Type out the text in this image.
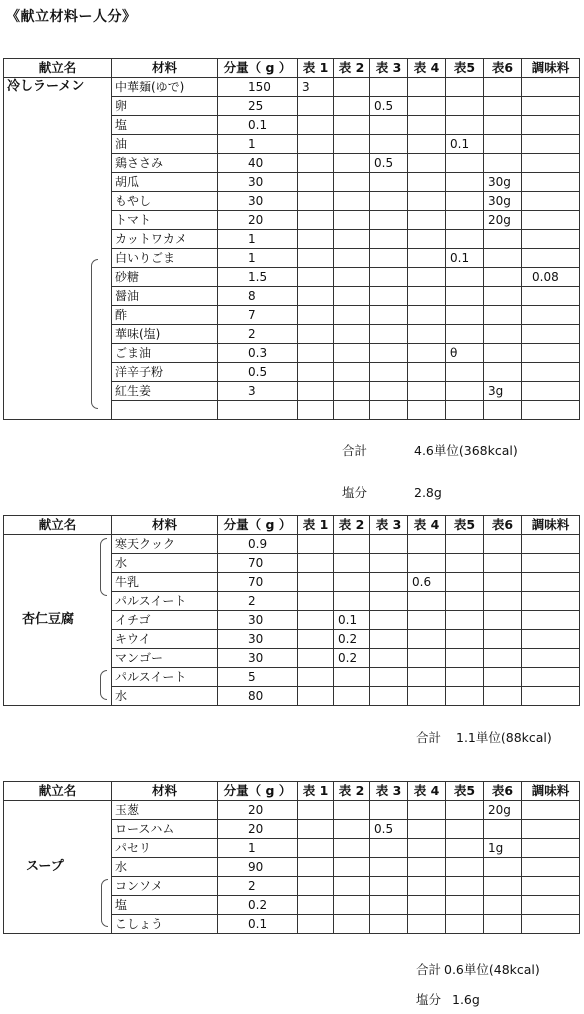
《献立材料ー人分》
献立名	材料	分量（ g ）	表 1	表 2	表 3	表 4	表5	表6	調味料
冷しラーメン	中華麺(ゆで)	150	3						
	卵	25			0.5				
	塩	0.1							
	油	1					0.1		
	鶏ささみ	40			0.5				
	胡瓜	30						30g	
	もやし	30						30g	
	トマト	20						20g	
	カットワカメ	1							
	白いりごま	1					0.1		
	砂糖	1.5							0.08
	醤油	8							
	酢	7							
	華味(塩)	2							
	ごま油	0.3					θ		
	洋辛子粉	0.5							
	紅生姜	3						3g	

合計	4.6単位(368kcal)
塩分	2.8g
献立名	材料	分量（ g ）	表 1	表 2	表 3	表 4	表5	表6	調味料
杏仁豆腐	寒天クック	0.9							
	水	70							
	牛乳	70				0.6			
	パルスイート	2							
	イチゴ	30		0.1					
	キウイ	30		0.2					
	マンゴー	30		0.2					
	パルスイート	5							
	水	80							
合計 1.1単位(88kcal)
献立名	材料	分量（ g ）	表 1	表 2	表 3	表 4	表5	表6	調味料
スープ	玉葱	20						20g	
	ロースハム	20			0.5				
	パセリ	1						1g	
	水	90							
	コンソメ	2							
	塩	0.2							
	こしょう	0.1							
合計 0.6単位(48kcal)
塩分 1.6g
